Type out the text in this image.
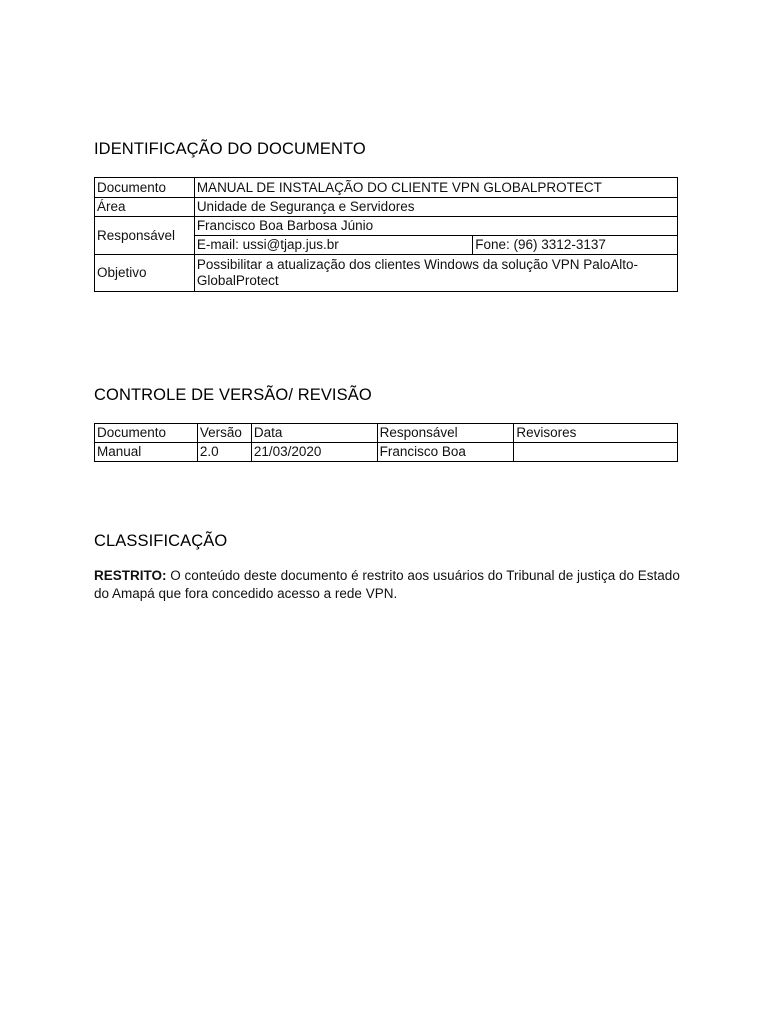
IDENTIFICAÇÃO DO DOCUMENTO
Documento	MANUAL DE INSTALAÇÃO DO CLIENTE VPN GLOBALPROTECT	
Área	Unidade de Segurança e Servidores	
Responsável	Francisco Boa Barbosa Júnio	
	E-mail: ussi@tjap.jus.br	Fone: (96) 3312-3137
Objetivo	Possibilitar a atualização dos clientes Windows da solução VPN PaloAlto-GlobalProtect	
CONTROLE DE VERSÃO/ REVISÃO
Documento	Versão	Data	Responsável	Revisores
Manual	2.0	21/03/2020	Francisco Boa	
CLASSIFICAÇÃO

RESTRITO: O conteúdo deste documento é restrito aos usuários do Tribunal de justiça do Estado do Amapá que fora concedido acesso a rede VPN.
